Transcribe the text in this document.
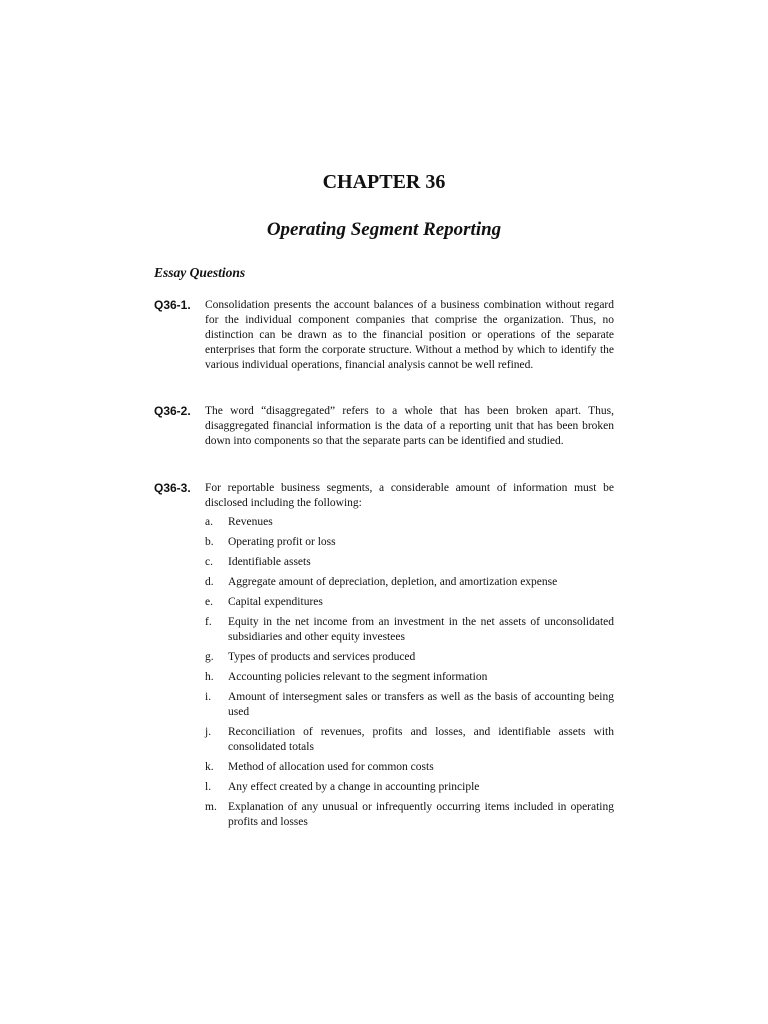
CHAPTER 36
Operating Segment Reporting
Essay Questions
Q36-1. Consolidation presents the account balances of a business combination without regard for the individual component companies that comprise the organization. Thus, no distinction can be drawn as to the financial position or operations of the separate enterprises that form the corporate structure. Without a method by which to identify the various individual operations, financial analysis cannot be well refined.
Q36-2. The word “disaggregated” refers to a whole that has been broken apart. Thus, disaggregated financial information is the data of a reporting unit that has been broken down into components so that the separate parts can be identified and studied.
Q36-3. For reportable business segments, a considerable amount of information must be disclosed including the following:
a. Revenues
b. Operating profit or loss
c. Identifiable assets
d. Aggregate amount of depreciation, depletion, and amortization expense
e. Capital expenditures
f. Equity in the net income from an investment in the net assets of unconsolidated subsidiaries and other equity investees
g. Types of products and services produced
h. Accounting policies relevant to the segment information
i. Amount of intersegment sales or transfers as well as the basis of accounting being used
j. Reconciliation of revenues, profits and losses, and identifiable assets with consolidated totals
k. Method of allocation used for common costs
l. Any effect created by a change in accounting principle
m. Explanation of any unusual or infrequently occurring items included in operating profits and losses
